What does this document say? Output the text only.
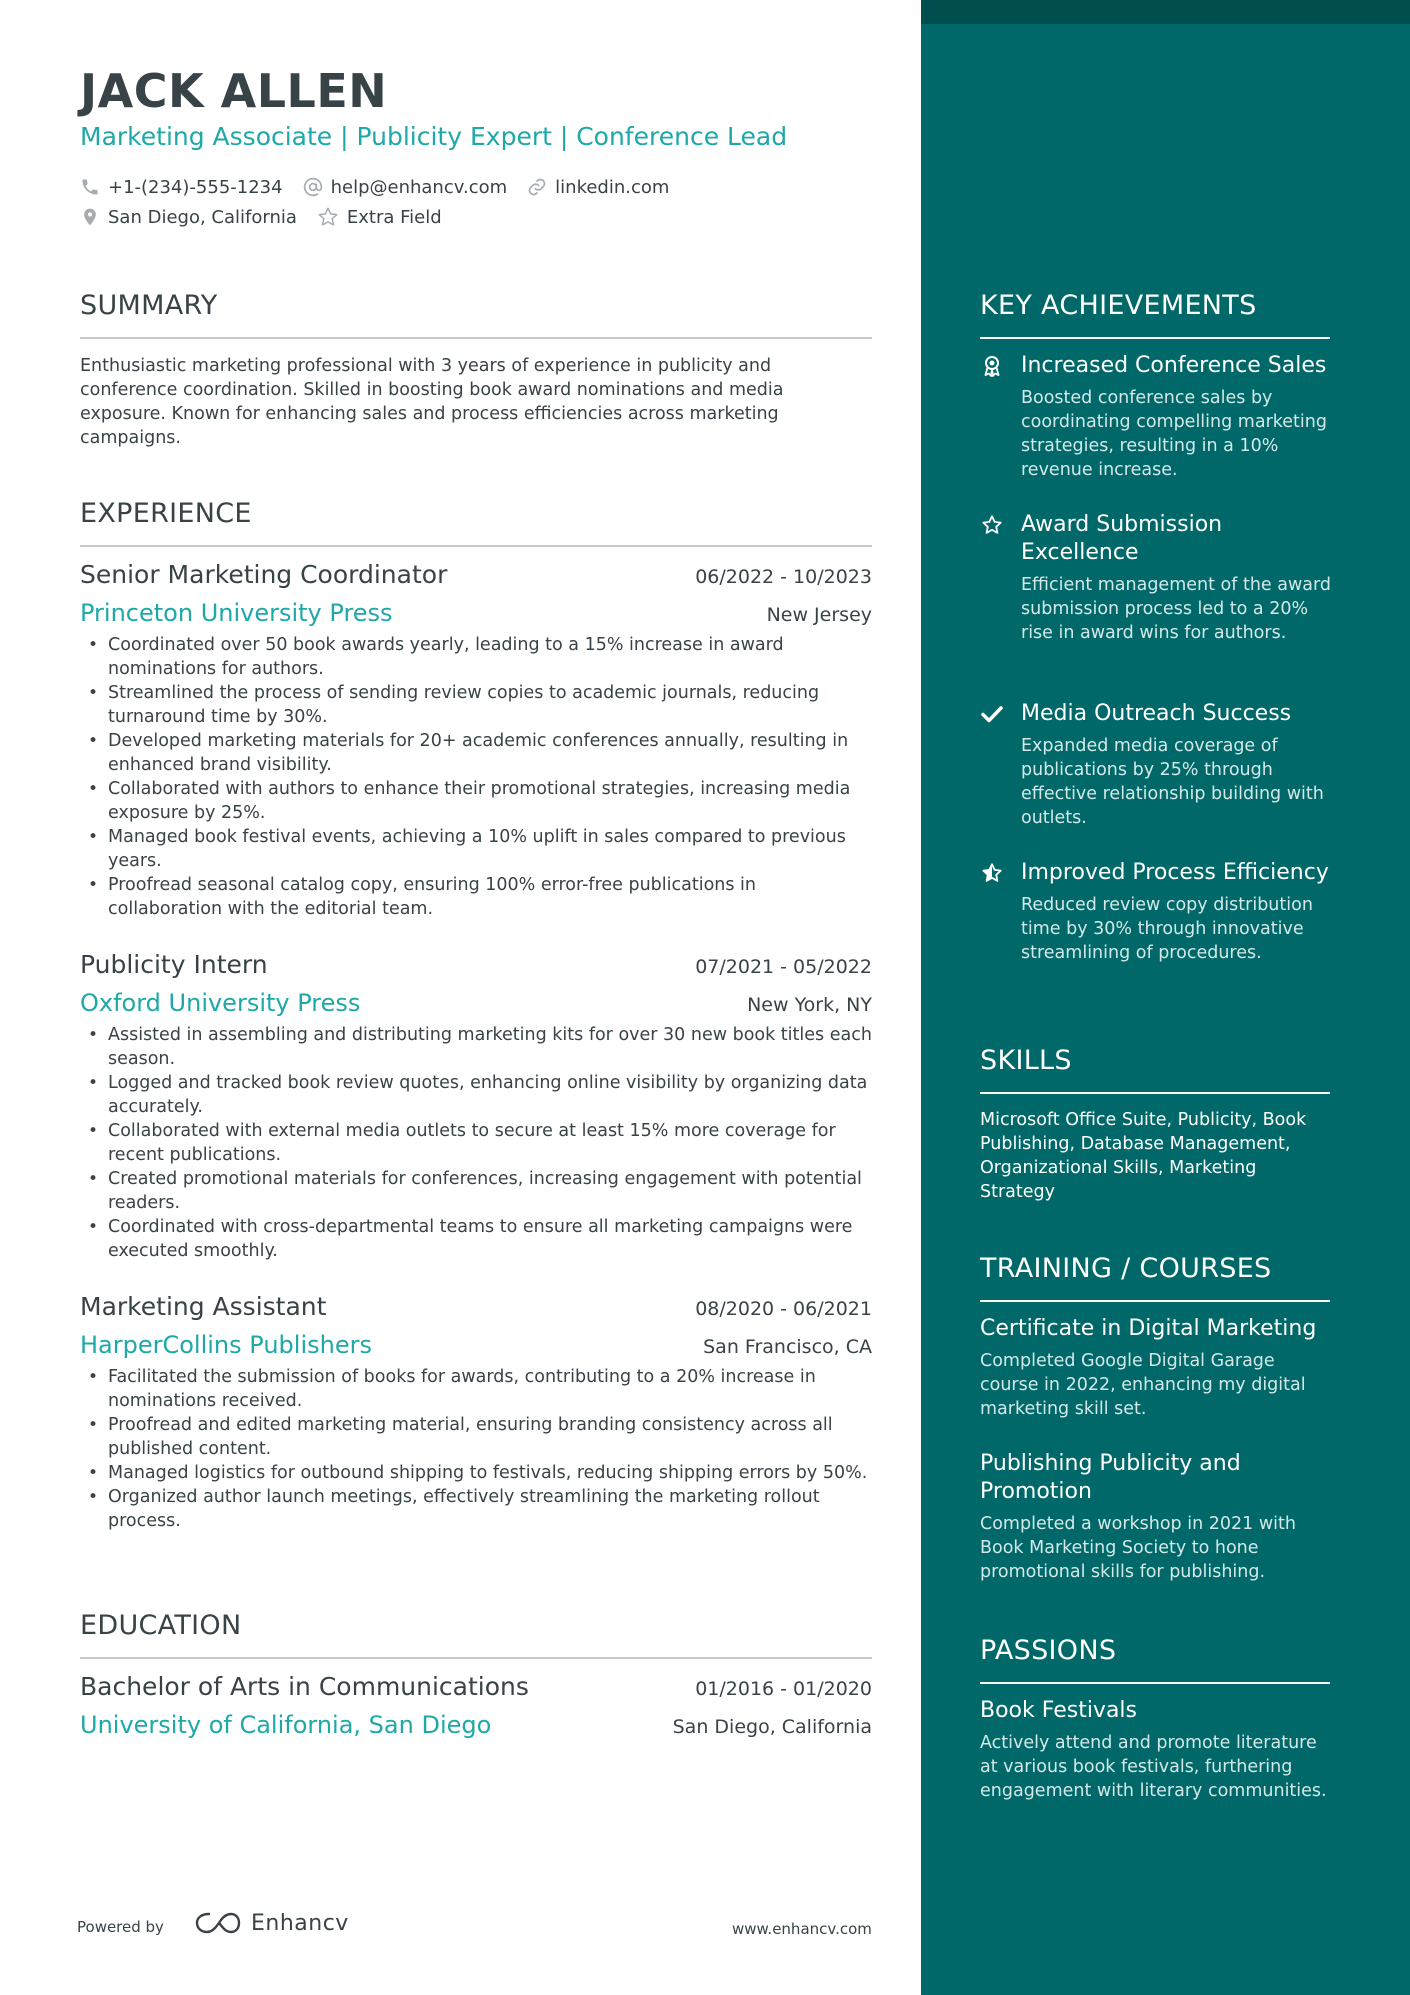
JACK ALLEN
Marketing Associate | Publicity Expert | Conference Lead
+1-(234)-555-1234	help@enhancv.com	linkedin.com
San Diego, California	Extra Field
SUMMARY
Enthusiastic marketing professional with 3 years of experience in publicity and conference coordination. Skilled in boosting book award nominations and media exposure. Known for enhancing sales and process efficiencies across marketing campaigns.
EXPERIENCE
Senior Marketing Coordinator	06/2022 - 10/2023
Princeton University Press	New Jersey
• Coordinated over 50 book awards yearly, leading to a 15% increase in award nominations for authors.
• Streamlined the process of sending review copies to academic journals, reducing turnaround time by 30%.
• Developed marketing materials for 20+ academic conferences annually, resulting in enhanced brand visibility.
• Collaborated with authors to enhance their promotional strategies, increasing media exposure by 25%.
• Managed book festival events, achieving a 10% uplift in sales compared to previous years.
• Proofread seasonal catalog copy, ensuring 100% error-free publications in collaboration with the editorial team.
Publicity Intern	07/2021 - 05/2022
Oxford University Press	New York, NY
• Assisted in assembling and distributing marketing kits for over 30 new book titles each season.
• Logged and tracked book review quotes, enhancing online visibility by organizing data accurately.
• Collaborated with external media outlets to secure at least 15% more coverage for recent publications.
• Created promotional materials for conferences, increasing engagement with potential readers.
• Coordinated with cross-departmental teams to ensure all marketing campaigns were executed smoothly.
Marketing Assistant	08/2020 - 06/2021
HarperCollins Publishers	San Francisco, CA
• Facilitated the submission of books for awards, contributing to a 20% increase in nominations received.
• Proofread and edited marketing material, ensuring branding consistency across all published content.
• Managed logistics for outbound shipping to festivals, reducing shipping errors by 50%.
• Organized author launch meetings, effectively streamlining the marketing rollout process.
EDUCATION
Bachelor of Arts in Communications	01/2016 - 01/2020
University of California, San Diego	San Diego, California
KEY ACHIEVEMENTS
Increased Conference Sales
Boosted conference sales by coordinating compelling marketing strategies, resulting in a 10% revenue increase.
Award Submission Excellence
Efficient management of the award submission process led to a 20% rise in award wins for authors.
Media Outreach Success
Expanded media coverage of publications by 25% through effective relationship building with outlets.
Improved Process Efficiency
Reduced review copy distribution time by 30% through innovative streamlining of procedures.
SKILLS
Microsoft Office Suite, Publicity, Book Publishing, Database Management, Organizational Skills, Marketing Strategy
TRAINING / COURSES
Certificate in Digital Marketing
Completed Google Digital Garage course in 2022, enhancing my digital marketing skill set.
Publishing Publicity and Promotion
Completed a workshop in 2021 with Book Marketing Society to hone promotional skills for publishing.
PASSIONS
Book Festivals
Actively attend and promote literature at various book festivals, furthering engagement with literary communities.
Powered by	Enhancv	www.enhancv.com
